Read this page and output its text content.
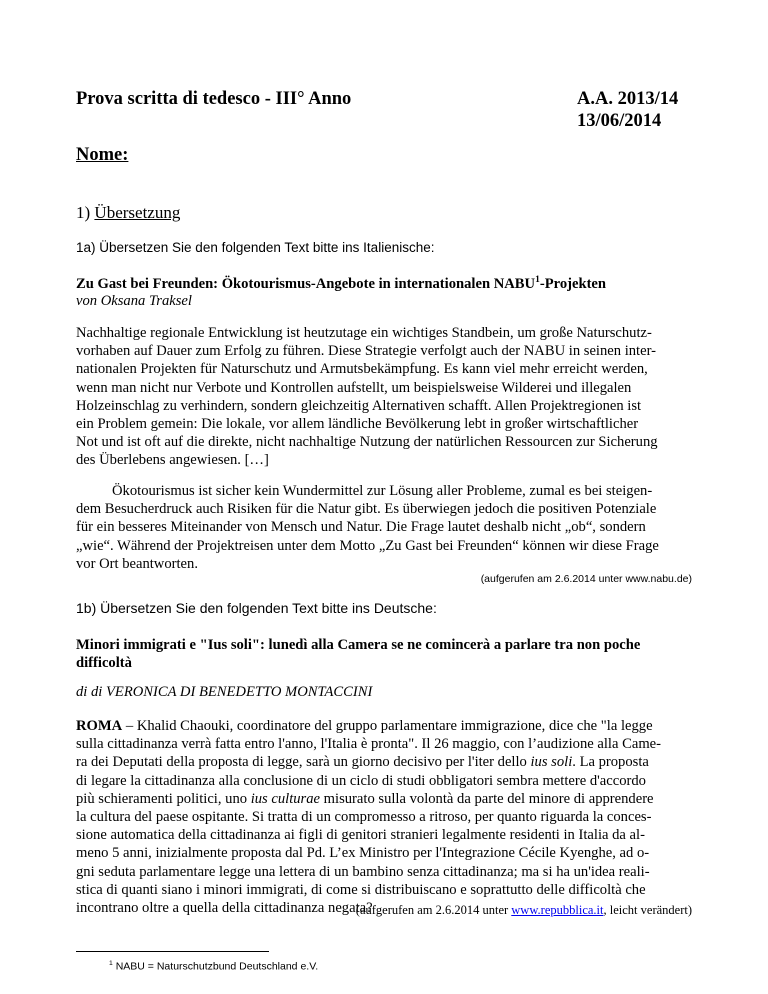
Prova scritta di tedesco - III° Anno	A.A. 2013/14
13/06/2014
Nome:
1) Übersetzung
1a) Übersetzen Sie den folgenden Text bitte ins Italienische:
Zu Gast bei Freunden: Ökotourismus-Angebote in internationalen NABU$^1$-Projekten
von Oksana Traksel
Nachhaltige regionale Entwicklung ist heutzutage ein wichtiges Standbein, um große Naturschutz-
vorhaben auf Dauer zum Erfolg zu führen. Diese Strategie verfolgt auch der NABU in seinen inter-
nationalen Projekten für Naturschutz und Armutsbekämpfung. Es kann viel mehr erreicht werden,
wenn man nicht nur Verbote und Kontrollen aufstellt, um beispielsweise Wilderei und illegalen
Holzeinschlag zu verhindern, sondern gleichzeitig Alternativen schafft. Allen Projektregionen ist
ein Problem gemein: Die lokale, vor allem ländliche Bevölkerung lebt in großer wirtschaftlicher
Not und ist oft auf die direkte, nicht nachhaltige Nutzung der natürlichen Ressourcen zur Sicherung
des Überlebens angewiesen. […]
Ökotourismus ist sicher kein Wundermittel zur Lösung aller Probleme, zumal es bei steigen-
dem Besucherdruck auch Risiken für die Natur gibt. Es überwiegen jedoch die positiven Potenziale
für ein besseres Miteinander von Mensch und Natur. Die Frage lautet deshalb nicht „ob“, sondern
„wie“. Während der Projektreisen unter dem Motto „Zu Gast bei Freunden“ können wir diese Frage
vor Ort beantworten.
(aufgerufen am 2.6.2014 unter www.nabu.de)
1b) Übersetzen Sie den folgenden Text bitte ins Deutsche:
Minori immigrati e "Ius soli": lunedì alla Camera se ne comincerà a parlare tra non poche
difficoltà
di di VERONICA DI BENEDETTO MONTACCINI
ROMA – Khalid Chaouki, coordinatore del gruppo parlamentare immigrazione, dice che "la legge
sulla cittadinanza verrà fatta entro l'anno, l'Italia è pronta". Il 26 maggio, con l’audizione alla Came-
ra dei Deputati della proposta di legge, sarà un giorno decisivo per l'iter dello ius soli. La proposta
di legare la cittadinanza alla conclusione di un ciclo di studi obbligatori sembra mettere d'accordo
più schieramenti politici, uno ius culturae misurato sulla volontà da parte del minore di apprendere
la cultura del paese ospitante. Si tratta di un compromesso a ritroso, per quanto riguarda la conces-
sione automatica della cittadinanza ai figli di genitori stranieri legalmente residenti in Italia da al-
meno 5 anni, inizialmente proposta dal Pd. L’ex Ministro per l'Integrazione Cécile Kyenghe, ad o-
gni seduta parlamentare legge una lettera di un bambino senza cittadinanza; ma si ha un'idea reali-
stica di quanti siano i minori immigrati, di come si distribuiscano e soprattutto delle difficoltà che
incontrano oltre a quella della cittadinanza negata?
(aufgerufen am 2.6.2014 unter www.repubblica.it, leicht verändert)
$^1$ NABU = Naturschutzbund Deutschland e.V.
